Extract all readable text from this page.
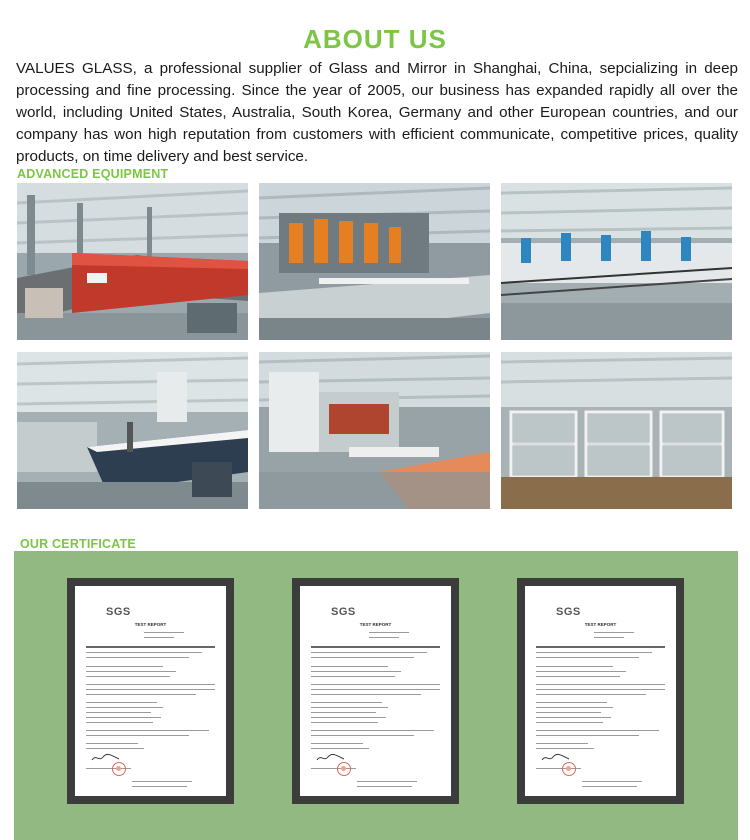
ABOUT US

VALUES GLASS, a professional supplier of Glass and Mirror in Shanghai, China, sepcializing in deep processing and fine processing. Since the year of 2005, our business has expanded rapidly all over the world, including United States, Australia, South Korea, Germany and other European countries, and our company has won high reputation from customers with efficient communicate, competitive prices, quality products, on time delivery and best service.

ADVANCED EQUIPMENT
OUR CERTIFICATE
SGS
TEST REPORT
SGS
TEST REPORT
SGS
TEST REPORT
